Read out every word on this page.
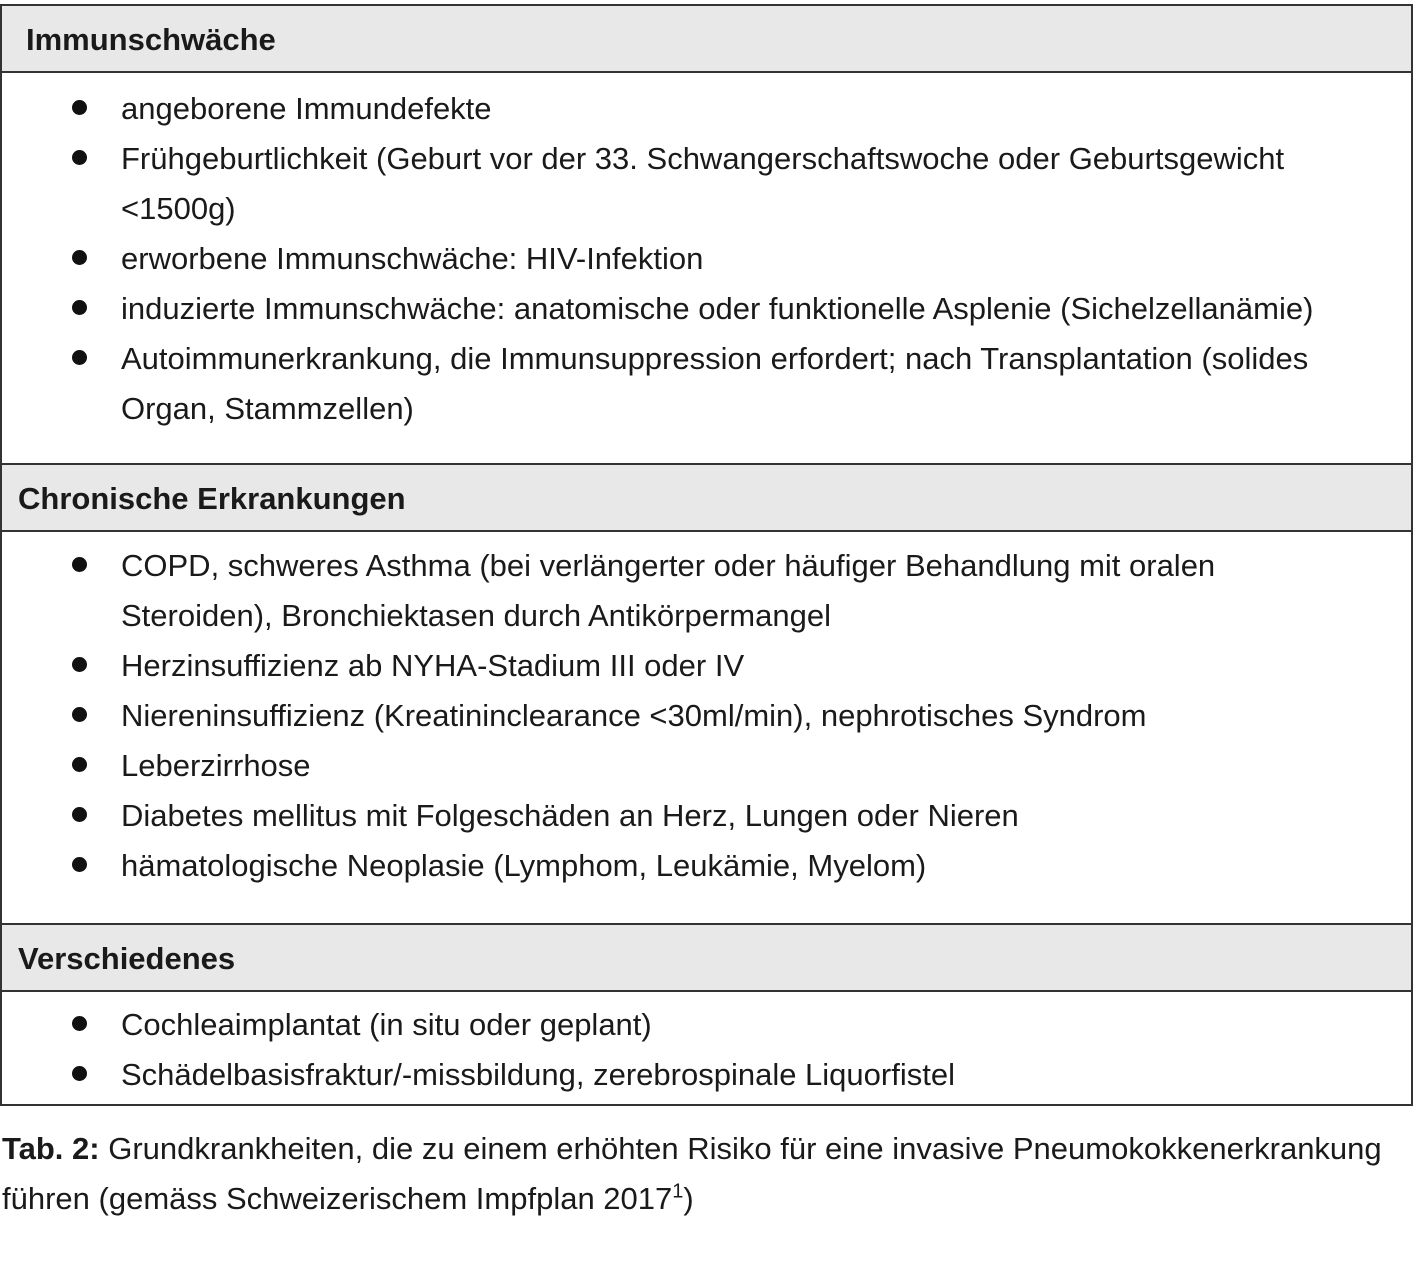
Immunschwäche
angeborene Immundefekte
Frühgeburtlichkeit (Geburt vor der 33. Schwangerschaftswoche oder Geburtsgewicht <1500g)
erworbene Immunschwäche: HIV-Infektion
induzierte Immunschwäche: anatomische oder funktionelle Asplenie (Sichelzellanämie)
Autoimmunerkrankung, die Immunsuppression erfordert; nach Transplantation (solides Organ, Stammzellen)
Chronische Erkrankungen
COPD, schweres Asthma (bei verlängerter oder häufiger Behandlung mit oralen Steroiden), Bronchiektasen durch Antikörpermangel
Herzinsuffizienz ab NYHA-Stadium III oder IV
Niereninsuffizienz (Kreatininclearance <30ml/min), nephrotisches Syndrom
Leberzirrhose
Diabetes mellitus mit Folgeschäden an Herz, Lungen oder Nieren
hämatologische Neoplasie (Lymphom, Leukämie, Myelom)
Verschiedenes
Cochleaimplantat (in situ oder geplant)
Schädelbasisfraktur/-missbildung, zerebrospinale Liquorfistel
Tab. 2: Grundkrankheiten, die zu einem erhöhten Risiko für eine invasive Pneumokokkenerkrankung führen (gemäss Schweizerischem Impfplan 2017$^1$)
